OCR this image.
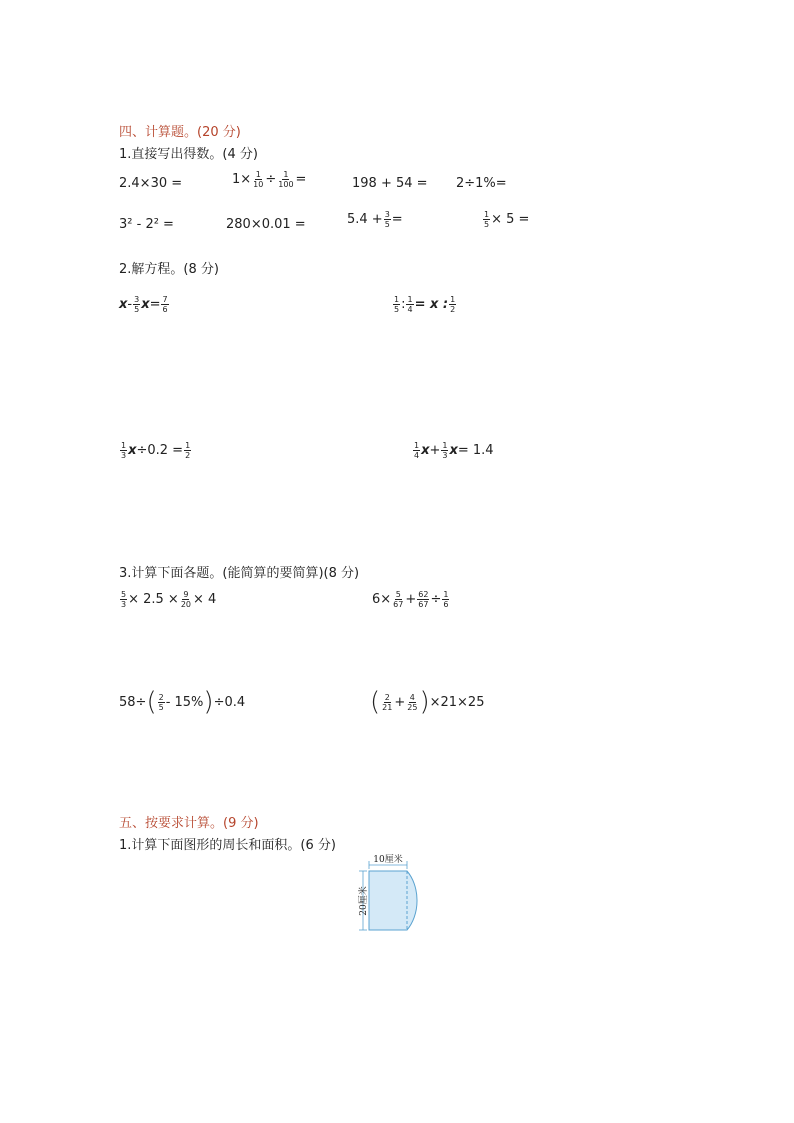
四、计算题。(20 分)
1.直接写出得数。(4 分)
2.4×30 =	$1\times \frac{1}{10} \div \frac{1}{100}$ =	198 + 54 = 2÷1%=
3² - 2² =	280×0.01 =	$5.4 + \frac{3}{5}$ =	$\frac{1}{5} \times 5$ =
2.解方程。(8 分)
x - $\frac{3}{5}$ $x = \frac{7}{6}$	$\frac{1}{5}$ : $\frac{1}{4} = x$ : $\frac{1}{2}$
$\frac{1}{3}$ $x \div 0.2 = \frac{1}{2}$	$\frac{1}{4}$ $x + \frac{1}{3}$ x = 1.4
3.计算下面各题。(能简算的要简算)(8 分)
$\frac{5}{3} \times 2.5 \times \frac{9}{20} \times 4$	$6\times \frac{5}{67} + \frac{62}{67} \div \frac{1}{6}$
58÷ ( $\frac{2}{5} - 15\%$ ) ÷0.4	( $\frac{2}{21} + \frac{4}{25}$ ) ×21×25
五、按要求计算。(9 分)
1.计算下面图形的周长和面积。(6 分)
10厘米
20厘米
